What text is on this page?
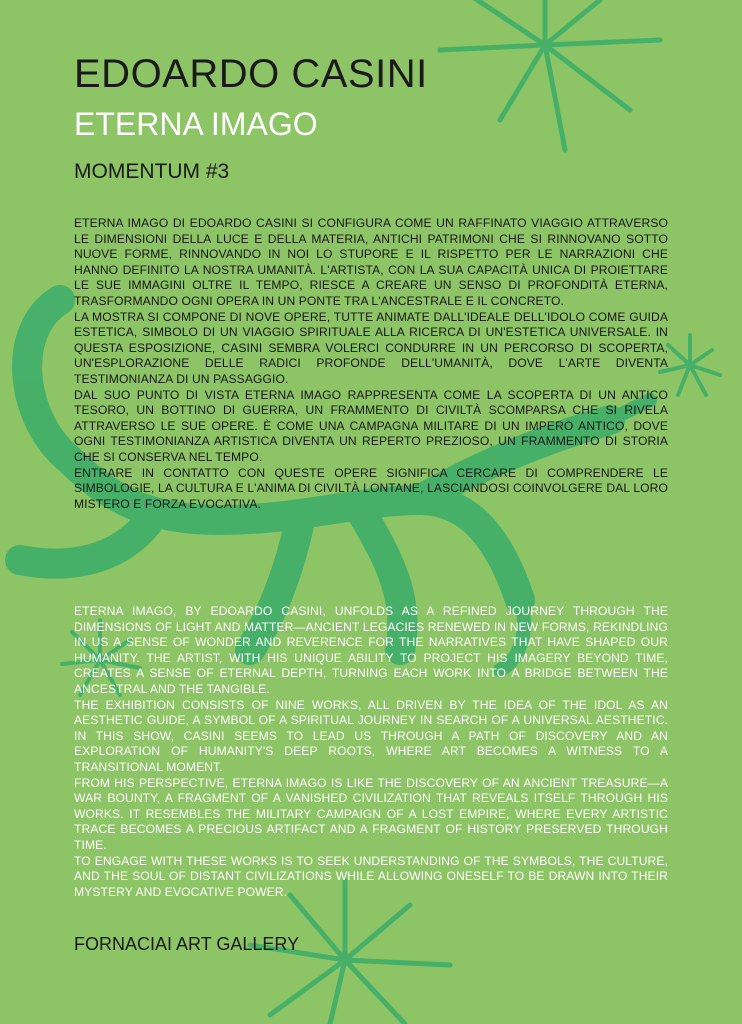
EDOARDO CASINI
ETERNA IMAGO
MOMENTUM #3

ETERNA IMAGO DI EDOARDO CASINI SI CONFIGURA COME UN RAFFINATO VIAGGIO ATTRAVERSO LE DIMENSIONI DELLA LUCE E DELLA MATERIA, ANTICHI PATRIMONI CHE SI RINNOVANO SOTTO NUOVE FORME, RINNOVANDO IN NOI LO STUPORE E IL RISPETTO PER LE NARRAZIONI CHE HANNO DEFINITO LA NOSTRA UMANITÀ. L'ARTISTA, CON LA SUA CAPACITÀ UNICA DI PROIETTARE LE SUE IMMAGINI OLTRE IL TEMPO, RIESCE A CREARE UN SENSO DI PROFONDITÀ ETERNA, TRASFORMANDO OGNI OPERA IN UN PONTE TRA L'ANCESTRALE E IL CONCRETO.

LA MOSTRA SI COMPONE DI NOVE OPERE, TUTTE ANIMATE DALL'IDEALE DELL'IDOLO COME GUIDA ESTETICA, SIMBOLO DI UN VIAGGIO SPIRITUALE ALLA RICERCA DI UN'ESTETICA UNIVERSALE. IN QUESTA ESPOSIZIONE, CASINI SEMBRA VOLERCI CONDURRE IN UN PERCORSO DI SCOPERTA, UN'ESPLORAZIONE DELLE RADICI PROFONDE DELL'UMANITÀ, DOVE L'ARTE DIVENTA TESTIMONIANZA DI UN PASSAGGIO.

DAL SUO PUNTO DI VISTA ETERNA IMAGO RAPPRESENTA COME LA SCOPERTA DI UN ANTICO TESORO, UN BOTTINO DI GUERRA, UN FRAMMENTO DI CIVILTÀ SCOMPARSA CHE SI RIVELA ATTRAVERSO LE SUE OPERE. È COME UNA CAMPAGNA MILITARE DI UN IMPERO ANTICO, DOVE OGNI TESTIMONIANZA ARTISTICA DIVENTA UN REPERTO PREZIOSO, UN FRAMMENTO DI STORIA CHE SI CONSERVA NEL TEMPO.

ENTRARE IN CONTATTO CON QUESTE OPERE SIGNIFICA CERCARE DI COMPRENDERE LE SIMBOLOGIE, LA CULTURA E L'ANIMA DI CIVILTÀ LONTANE, LASCIANDOSI COINVOLGERE DAL LORO MISTERO E FORZA EVOCATIVA.

ETERNA IMAGO, BY EDOARDO CASINI, UNFOLDS AS A REFINED JOURNEY THROUGH THE DIMENSIONS OF LIGHT AND MATTER—ANCIENT LEGACIES RENEWED IN NEW FORMS, REKINDLING IN US A SENSE OF WONDER AND REVERENCE FOR THE NARRATIVES THAT HAVE SHAPED OUR HUMANITY. THE ARTIST, WITH HIS UNIQUE ABILITY TO PROJECT HIS IMAGERY BEYOND TIME, CREATES A SENSE OF ETERNAL DEPTH, TURNING EACH WORK INTO A BRIDGE BETWEEN THE ANCESTRAL AND THE TANGIBLE.

THE EXHIBITION CONSISTS OF NINE WORKS, ALL DRIVEN BY THE IDEA OF THE IDOL AS AN AESTHETIC GUIDE, A SYMBOL OF A SPIRITUAL JOURNEY IN SEARCH OF A UNIVERSAL AESTHETIC. IN THIS SHOW, CASINI SEEMS TO LEAD US THROUGH A PATH OF DISCOVERY AND AN EXPLORATION OF HUMANITY'S DEEP ROOTS, WHERE ART BECOMES A WITNESS TO A TRANSITIONAL MOMENT.

FROM HIS PERSPECTIVE, ETERNA IMAGO IS LIKE THE DISCOVERY OF AN ANCIENT TREASURE—A WAR BOUNTY, A FRAGMENT OF A VANISHED CIVILIZATION THAT REVEALS ITSELF THROUGH HIS WORKS. IT RESEMBLES THE MILITARY CAMPAIGN OF A LOST EMPIRE, WHERE EVERY ARTISTIC TRACE BECOMES A PRECIOUS ARTIFACT AND A FRAGMENT OF HISTORY PRESERVED THROUGH TIME.

TO ENGAGE WITH THESE WORKS IS TO SEEK UNDERSTANDING OF THE SYMBOLS, THE CULTURE, AND THE SOUL OF DISTANT CIVILIZATIONS WHILE ALLOWING ONESELF TO BE DRAWN INTO THEIR MYSTERY AND EVOCATIVE POWER.

FORNACIAI ART GALLERY
